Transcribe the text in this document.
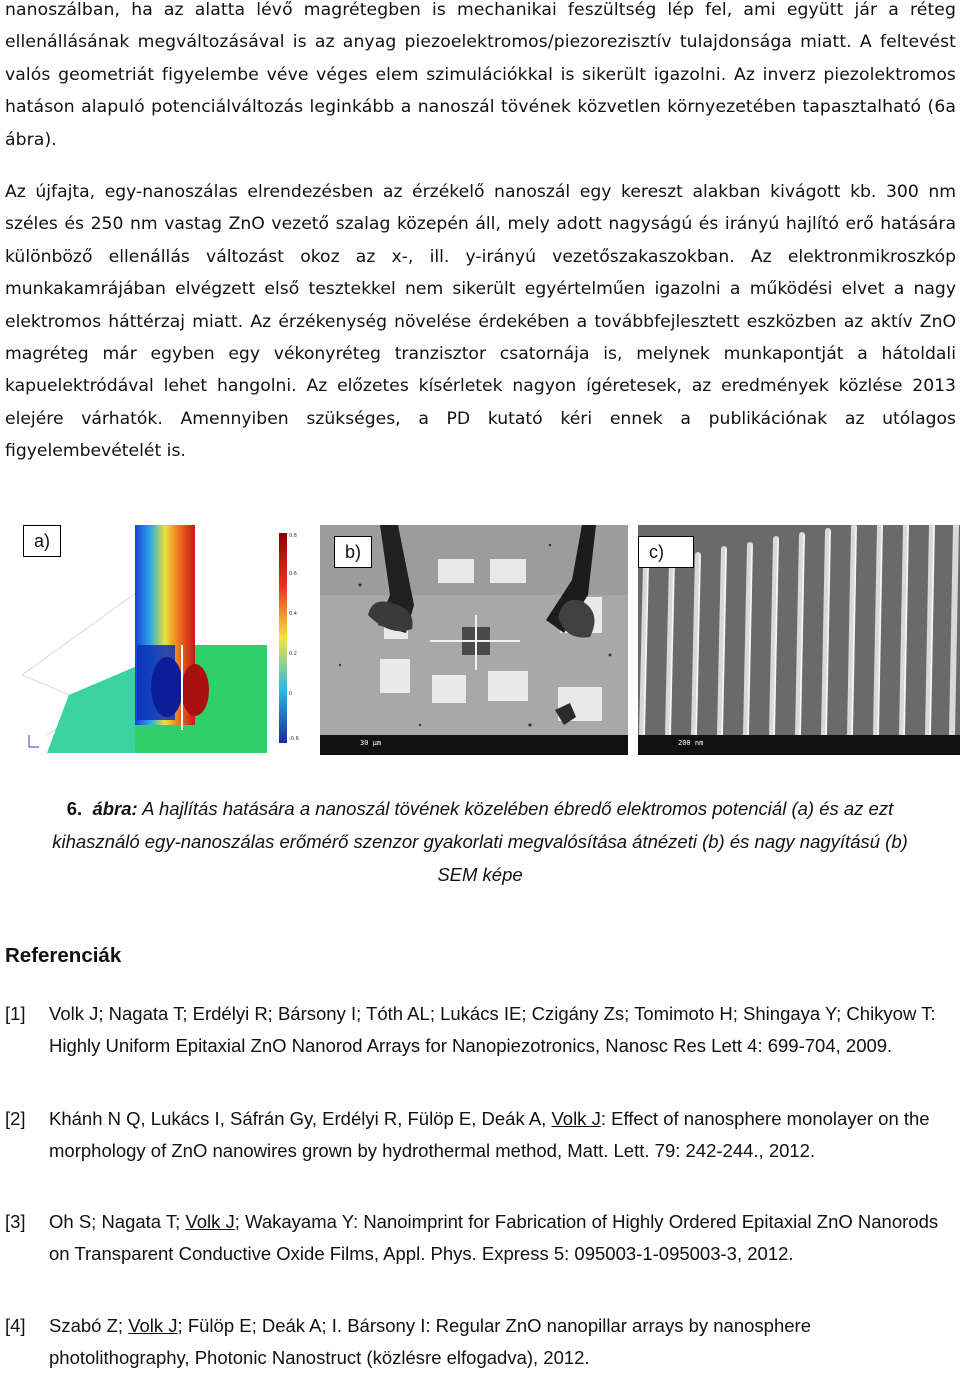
nanoszálban, ha az alatta lévő magrétegben is mechanikai feszültség lép fel, ami együtt jár a réteg ellenállásának megváltozásával is az anyag piezoelektromos/piezorezisztív tulajdonsága miatt. A feltevést valós geometriát figyelembe véve véges elem szimulációkkal is sikerült igazolni. Az inverz piezolektromos hatáson alapuló potenciálváltozás leginkább a nanoszál tövének közvetlen környezetében tapasztalható (6a ábra).

Az újfajta, egy-nanoszálas elrendezésben az érzékelő nanoszál egy kereszt alakban kivágott kb. 300 nm széles és 250 nm vastag ZnO vezető szalag közepén áll, mely adott nagyságú és irányú hajlító erő hatására különböző ellenállás változást okoz az x-, ill. y-irányú vezetőszakaszokban. Az elektronmikroszkóp munkakamrájában elvégzett első tesztekkel nem sikerült egyértelműen igazolni a működési elvet a nagy elektromos háttérzaj miatt. Az érzékenység növelése érdekében a továbbfejlesztett eszközben az aktív ZnO magréteg már egyben egy vékonyréteg tranzisztor csatornája is, melynek munkapontját a hátoldali kapuelektródával lehet hangolni. Az előzetes kísérletek nagyon ígéretesek, az eredmények közlése 2013 elejére várhatók. Amennyiben szükséges, a PD kutató kéri ennek a publikációnak az utólagos figyelembevételét is.

0.8
0.6
0.4
0.2
0
-0.6
a)
30 µm
b)
200 nm
c)
6. ábra: A hajlítás hatására a nanoszál tövének közelében ébredő elektromos potenciál (a) és az ezt kihasználó egy-nanoszálas erőmérő szenzor gyakorlati megvalósítása átnézeti (b) és nagy nagyítású (b) SEM képe
Referenciák
[1] Volk J; Nagata T; Erdélyi R; Bársony I; Tóth AL; Lukács IE; Czigány Zs; Tomimoto H; Shingaya Y; Chikyow T: Highly Uniform Epitaxial ZnO Nanorod Arrays for Nanopiezotronics, Nanosc Res Lett 4: 699-704, 2009.
[2] Khánh N Q, Lukács I, Sáfrán Gy, Erdélyi R, Fülöp E, Deák A, Volk J: Effect of nanosphere monolayer on the morphology of ZnO nanowires grown by hydrothermal method, Matt. Lett. 79: 242-244., 2012.
[3] Oh S; Nagata T; Volk J; Wakayama Y: Nanoimprint for Fabrication of Highly Ordered Epitaxial ZnO Nanorods on Transparent Conductive Oxide Films, Appl. Phys. Express 5: 095003-1-095003-3, 2012.
[4] Szabó Z; Volk J; Fülöp E; Deák A; I. Bársony I: Regular ZnO nanopillar arrays by nanosphere photolithography, Photonic Nanostruct (közlésre elfogadva), 2012.
